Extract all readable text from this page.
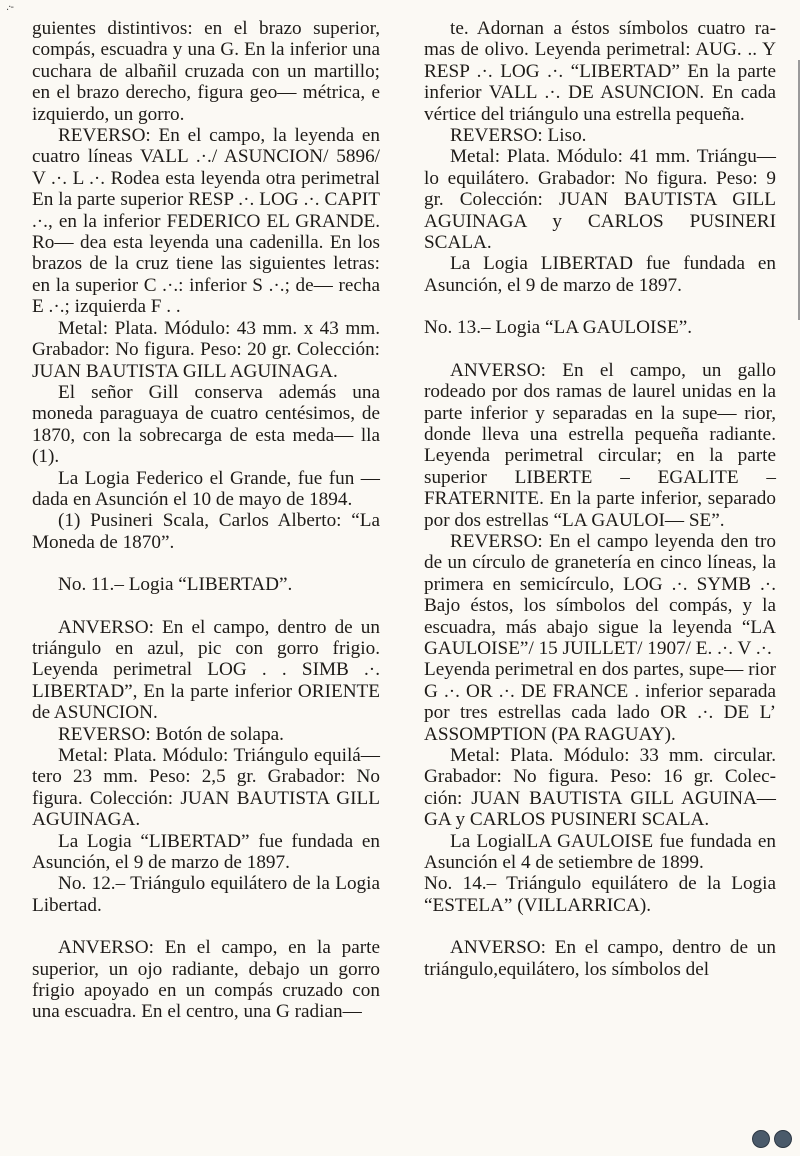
.·-

guientes distintivos: en el brazo superior, compás, escuadra y una G. En la inferior una cuchara de albañil cruzada con un martillo; en el brazo derecho, figura geo— métrica, e izquierdo, un gorro.

REVERSO: En el campo, la leyenda en cuatro líneas VALL .·./ ASUNCION/ 5896/ V .·. L .·. Rodea esta leyenda otra perimetral En la parte superior RESP .·. LOG .·. CAPIT .·., en la inferior FEDERICO EL GRANDE. Ro— dea esta leyenda una cadenilla. En los brazos de la cruz tiene las siguientes letras: en la superior C .·.: inferior S .·.; de— recha E .·.; izquierda F . .

Metal: Plata. Módulo: 43 mm. x 43 mm. Grabador: No figura. Peso: 20 gr. Colección: JUAN BAUTISTA GILL AGUINAGA.

El señor Gill conserva además una moneda paraguaya de cuatro centésimos, de 1870, con la sobrecarga de esta meda— lla (1).

La Logia Federico el Grande, fue fun — dada en Asunción el 10 de mayo de 1894.

(1) Pusineri Scala, Carlos Alberto: “La Moneda de 1870”.

No. 11.– Logia “LIBERTAD”.

ANVERSO: En el campo, dentro de un triángulo en azul, pic con gorro frigio. Leyenda perimetral LOG . . SIMB .·. LIBERTAD”, En la parte inferior ORIENTE de ASUNCION.

REVERSO: Botón de solapa.

Metal: Plata. Módulo: Triángulo equilá— tero 23 mm. Peso: 2,5 gr. Grabador: No figura. Colección: JUAN BAUTISTA GILL AGUINAGA.

La Logia “LIBERTAD” fue fundada en Asunción, el 9 de marzo de 1897.

No. 12.– Triángulo equilátero de la Logia Libertad.

ANVERSO: En el campo, en la parte superior, un ojo radiante, debajo un gorro frigio apoyado en un compás cruzado con una escuadra. En el centro, una G radian—

te. Adornan a éstos símbolos cuatro ra- mas de olivo. Leyenda perimetral: AUG. .. Y RESP .·. LOG .·. “LIBERTAD” En la parte inferior VALL .·. DE ASUNCION. En cada vértice del triángulo una estrella pequeña.

REVERSO: Liso.

Metal: Plata. Módulo: 41 mm. Triángu— lo equilátero. Grabador: No figura. Peso: 9 gr. Colección: JUAN BAUTISTA GILL AGUINAGA y CARLOS PUSINERI SCALA.

La Logia LIBERTAD fue fundada en Asunción, el 9 de marzo de 1897.

No. 13.– Logia “LA GAULOISE”.

ANVERSO: En el campo, un gallo rodeado por dos ramas de laurel unidas en la parte inferior y separadas en la supe— rior, donde lleva una estrella pequeña radiante. Leyenda perimetral circular; en la parte superior LIBERTE – EGALITE – FRATERNITE. En la parte inferior, separado por dos estrellas “LA GAULOI— SE”.

REVERSO: En el campo leyenda den tro de un círculo de granetería en cinco líneas, la primera en semicírculo, LOG .·. SYMB .·. Bajo éstos, los símbolos del compás, y la escuadra, más abajo sigue la leyenda “LA GAULOISE”/ 15 JUILLET/ 1907/ E. .·. V .·.

Leyenda perimetral en dos partes, supe— rior G .·. OR .·. DE FRANCE . inferior separada por tres estrellas cada lado OR .·. DE L’ ASSOMPTION (PA RAGUAY).

Metal: Plata. Módulo: 33 mm. circular. Grabador: No figura. Peso: 16 gr. Colec- ción: JUAN BAUTISTA GILL AGUINA— GA y CARLOS PUSINERI SCALA.

La LogialLA GAULOISE fue fundada en Asunción el 4 de setiembre de 1899.

No. 14.– Triángulo equilátero de la Logia “ESTELA” (VILLARRICA).

ANVERSO: En el campo, dentro de un triángulo,equilátero, los símbolos del
